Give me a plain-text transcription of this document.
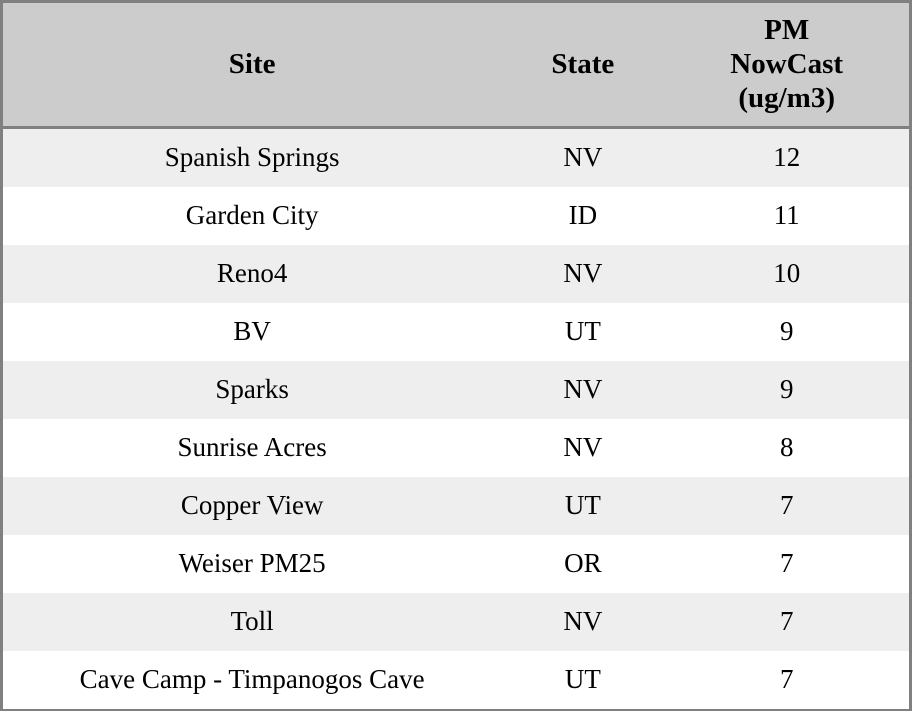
Site	State	PM
NowCast
(ug/m3)
Spanish Springs	NV	12
Garden City	ID	11
Reno4	NV	10
BV	UT	9
Sparks	NV	9
Sunrise Acres	NV	8
Copper View	UT	7
Weiser PM25	OR	7
Toll	NV	7
Cave Camp - Timpanogos Cave	UT	7
